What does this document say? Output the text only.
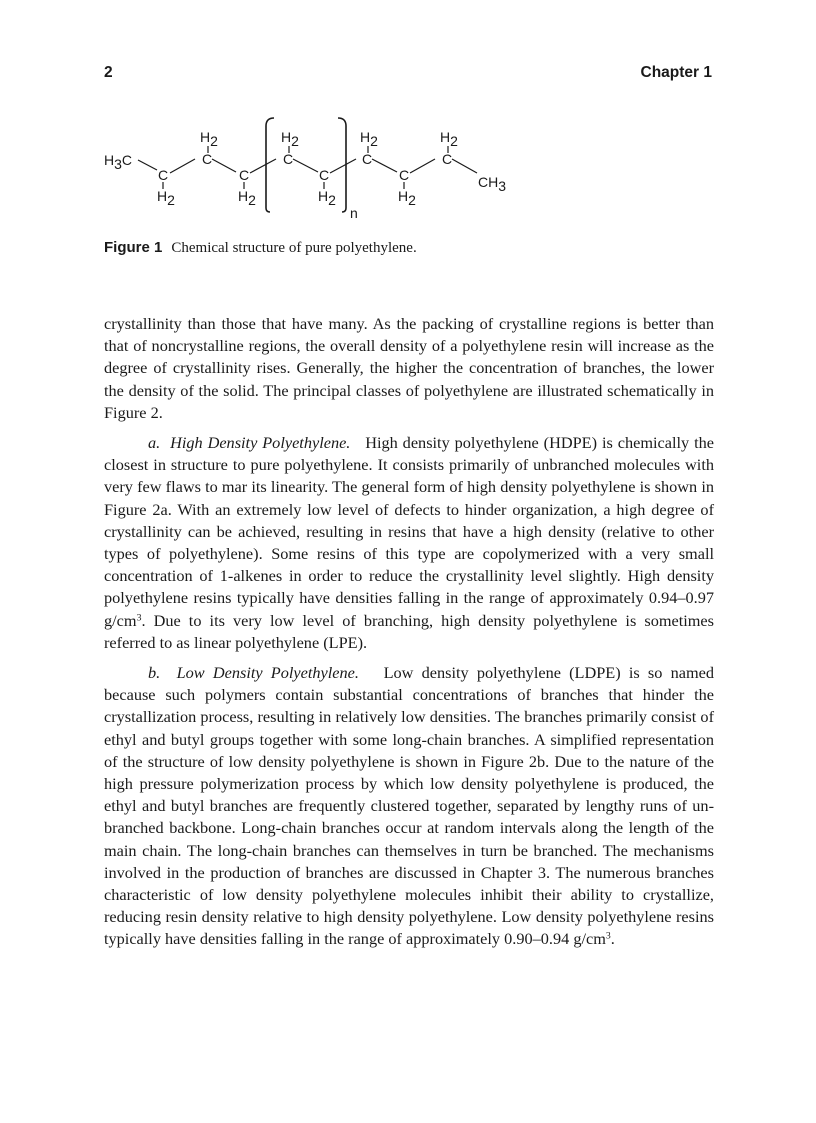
2	Chapter 1
H3C
H2
C
H2
C
H2
C
H2
C
C
H2
C
H2
C
H2
C
H2
CH3
n
Figure 1 Chemical structure of pure polyethylene.

crystallinity than those that have many. As the packing of crystalline regions is better than that of noncrystalline regions, the overall density of a polyethylene resin will increase as the degree of crystallinity rises. Generally, the higher the concentration of branches, the lower the density of the solid. The principal classes of polyethylene are illustrated schematically in Figure 2.

a.  High Density Polyethylene. High density polyethylene (HDPE) is chemically the closest in structure to pure polyethylene. It consists primarily of unbranched molecules with very few flaws to mar its linearity. The general form of high density polyethylene is shown in Figure 2a. With an extremely low level of defects to hinder organization, a high degree of crystallinity can be achieved, resulting in resins that have a high density (relative to other types of polyethylene). Some resins of this type are copolymerized with a very small concentration of 1-alkenes in order to reduce the crystallinity level slightly. High density polyethylene resins typically have densities falling in the range of approximately 0.94–0.97 $g/cm^3$. Due to its very low level of branching, high density polyethylene is sometimes referred to as linear polyethylene (LPE).

b.  Low Density Polyethylene. Low density polyethylene (LDPE) is so named because such polymers contain substantial concentrations of branches that hinder the crystallization process, resulting in relatively low densities. The branches primarily consist of ethyl and butyl groups together with some long-chain branches. A simplified representation of the structure of low density polyethylene is shown in Figure 2b. Due to the nature of the high pressure polymerization process by which low density polyethylene is produced, the ethyl and butyl branches are frequently clustered together, separated by lengthy runs of unbranched backbone. Long-chain branches occur at random intervals along the length of the main chain. The long-chain branches can themselves in turn be branched. The mechanisms involved in the production of branches are discussed in Chapter 3. The numerous branches characteristic of low density polyethylene molecules inhibit their ability to crystallize, reducing resin density relative to high density polyethylene. Low density polyethylene resins typically have densities falling in the range of approximately 0.90–0.94 $g/cm^3$.
